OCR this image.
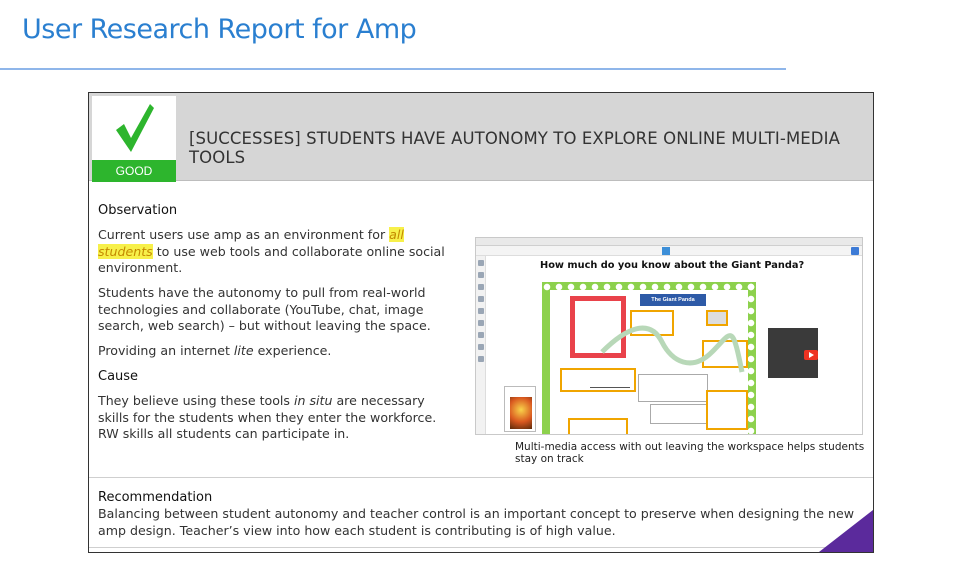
User Research Report for Amp
GOOD
[SUCCESSES] STUDENTS HAVE AUTONOMY TO EXPLORE ONLINE MULTI-MEDIA TOOLS
Observation
Current users use amp as an environment for all students to use web tools and collaborate online social environment.
Students have the autonomy to pull from real-world technologies and collaborate (YouTube, chat, image search, web search) – but without leaving the space.
Providing an internet lite experience.
Cause
They believe using these tools in situ are necessary skills for the students when they enter the workforce. RW skills all students can participate in.
How much do you know about the Giant Panda?
The Giant Panda
Multi-media access with out leaving the workspace helps students stay on track
Recommendation
Balancing between student autonomy and teacher control is an important concept to preserve when designing the new amp design. Teacher’s view into how each student is contributing is of high value.
